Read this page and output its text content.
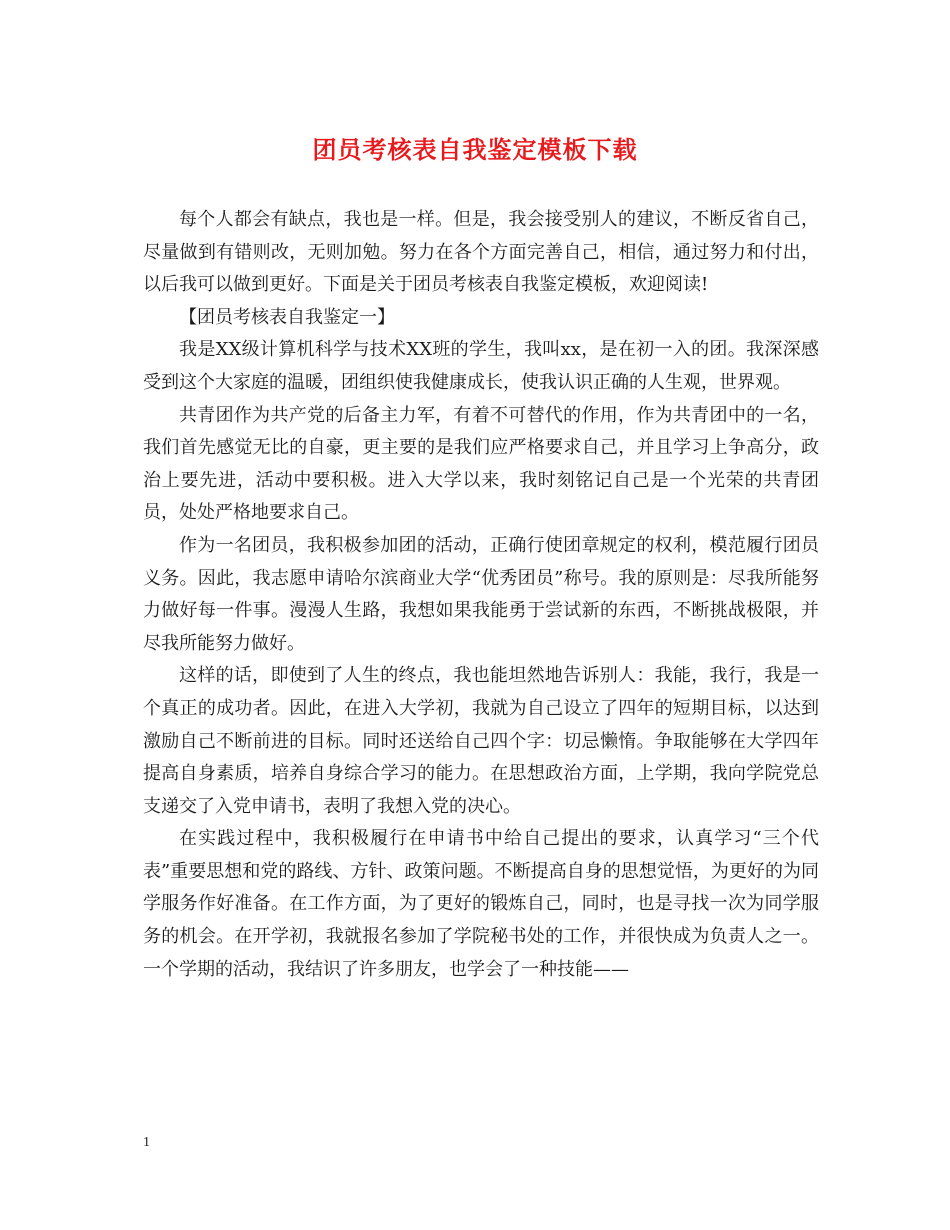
团员考核表自我鉴定模板下载

每个人都会有缺点，我也是一样。但是，我会接受别人的建议，不断反省自己，尽量做到有错则改，无则加勉。努力在各个方面完善自己，相信，通过努力和付出，以后我可以做到更好。下面是关于团员考核表自我鉴定模板，欢迎阅读!

【团员考核表自我鉴定一】

我是XX级计算机科学与技术XX班的学生，我叫xx，是在初一入的团。我深深感受到这个大家庭的温暖，团组织使我健康成长，使我认识正确的人生观，世界观。

共青团作为共产党的后备主力军，有着不可替代的作用，作为共青团中的一名，我们首先感觉无比的自豪，更主要的是我们应严格要求自己，并且学习上争高分，政治上要先进，活动中要积极。进入大学以来，我时刻铭记自己是一个光荣的共青团员，处处严格地要求自己。

作为一名团员，我积极参加团的活动，正确行使团章规定的权利，模范履行团员义务。因此，我志愿申请哈尔滨商业大学“优秀团员”称号。我的原则是：尽我所能努力做好每一件事。漫漫人生路，我想如果我能勇于尝试新的东西，不断挑战极限，并尽我所能努力做好。

这样的话，即使到了人生的终点，我也能坦然地告诉别人：我能，我行，我是一个真正的成功者。因此，在进入大学初，我就为自己设立了四年的短期目标，以达到激励自己不断前进的目标。同时还送给自己四个字：切忌懒惰。争取能够在大学四年提高自身素质，培养自身综合学习的能力。在思想政治方面，上学期，我向学院党总支递交了入党申请书，表明了我想入党的决心。

在实践过程中，我积极履行在申请书中给自己提出的要求，认真学习“三个代表”重要思想和党的路线、方针、政策问题。不断提高自身的思想觉悟，为更好的为同学服务作好准备。在工作方面，为了更好的锻炼自己，同时，也是寻找一次为同学服务的机会。在开学初，我就报名参加了学院秘书处的工作，并很快成为负责人之一。一个学期的活动，我结识了许多朋友，也学会了一种技能——

1
